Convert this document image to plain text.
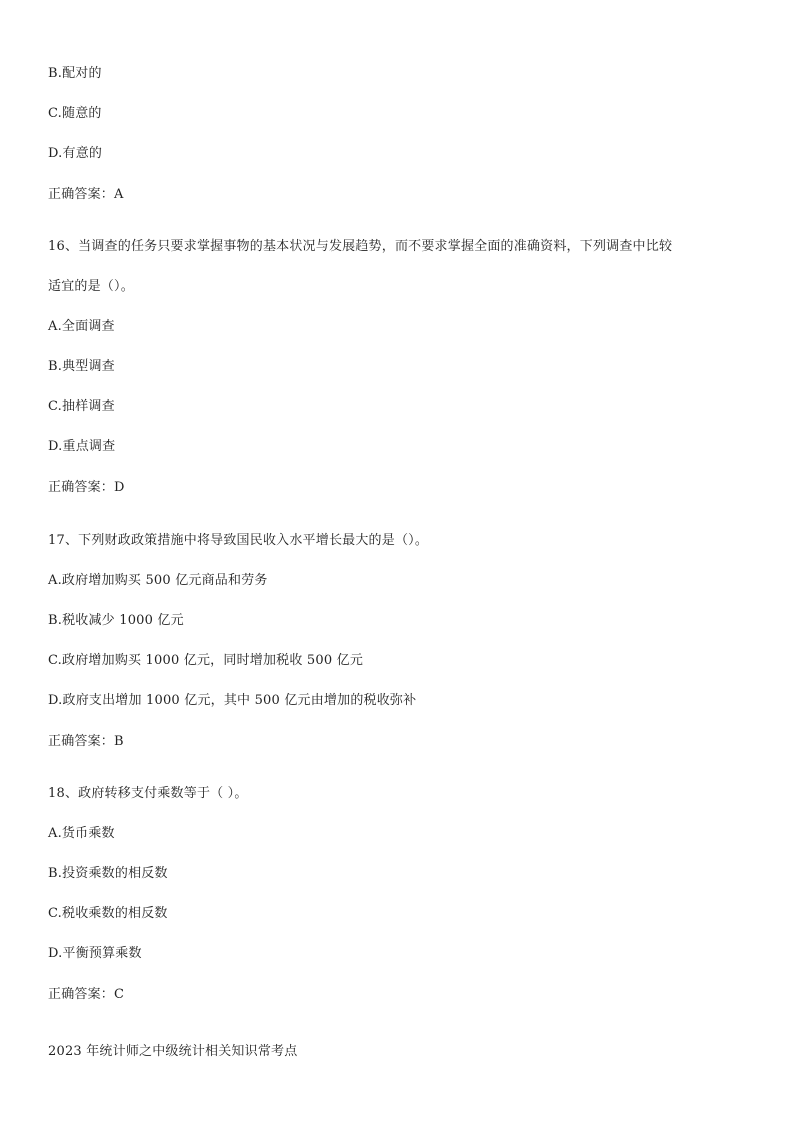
B.配对的
C.随意的
D.有意的
正确答案：A
16、当调查的任务只要求掌握事物的基本状况与发展趋势，而不要求掌握全面的准确资料，下列调查中比较
适宜的是（）。
A.全面调查
B.典型调查
C.抽样调查
D.重点调查
正确答案：D
17、下列财政政策措施中将导致国民收入水平增长最大的是（）。
A.政府增加购买 500 亿元商品和劳务
B.税收减少 1000 亿元
C.政府增加购买 1000 亿元，同时增加税收 500 亿元
D.政府支出增加 1000 亿元，其中 500 亿元由增加的税收弥补
正确答案：B
18、政府转移支付乘数等于（ ）。
A.货币乘数
B.投资乘数的相反数
C.税收乘数的相反数
D.平衡预算乘数
正确答案：C
2023 年统计师之中级统计相关知识常考点
